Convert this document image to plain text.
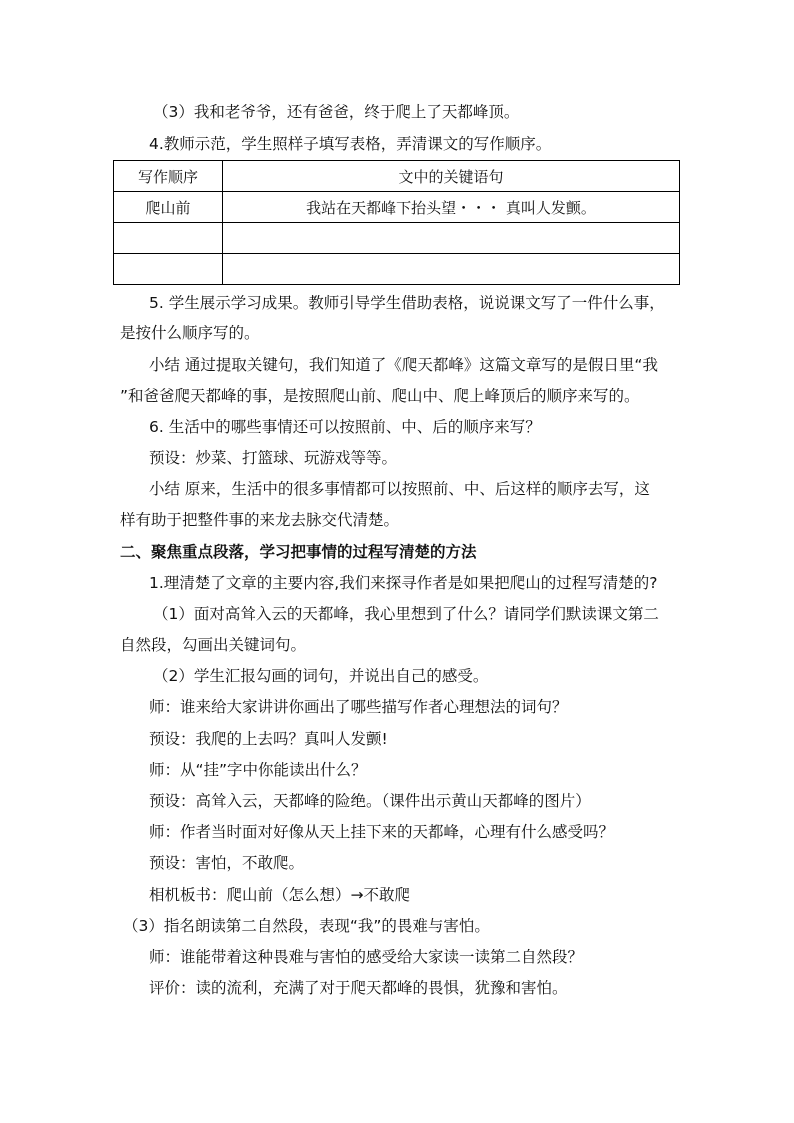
（3）我和老爷爷，还有爸爸，终于爬上了天都峰顶。
4.教师示范，学生照样子填写表格，弄清课文的写作顺序。
写作顺序	文中的关键语句
爬山前	我站在天都峰下抬头望・・・ 真叫人发颤。

5. 学生展示学习成果。教师引导学生借助表格，说说课文写了一件什么事，
是按什么顺序写的。
小结 通过提取关键句，我们知道了《爬天都峰》这篇文章写的是假日里“我
”和爸爸爬天都峰的事，是按照爬山前、爬山中、爬上峰顶后的顺序来写的。
6. 生活中的哪些事情还可以按照前、中、后的顺序来写？
预设：炒菜、打篮球、玩游戏等等。
小结 原来，生活中的很多事情都可以按照前、中、后这样的顺序去写，这
样有助于把整件事的来龙去脉交代清楚。
二、聚焦重点段落，学习把事情的过程写清楚的方法
1.理清楚了文章的主要内容,我们来探寻作者是如果把爬山的过程写清楚的?
（1）面对高耸入云的天都峰，我心里想到了什么？请同学们默读课文第二
自然段，勾画出关键词句。
（2）学生汇报勾画的词句，并说出自己的感受。
师：谁来给大家讲讲你画出了哪些描写作者心理想法的词句？
预设：我爬的上去吗？真叫人发颤!
师：从“挂”字中你能读出什么？
预设：高耸入云，天都峰的险绝。（课件出示黄山天都峰的图片）
师：作者当时面对好像从天上挂下来的天都峰，心理有什么感受吗？
预设：害怕，不敢爬。
相机板书：爬山前（怎么想）→不敢爬
（3）指名朗读第二自然段，表现“我”的畏难与害怕。
师：谁能带着这种畏难与害怕的感受给大家读一读第二自然段？
评价：读的流利，充满了对于爬天都峰的畏惧，犹豫和害怕。
